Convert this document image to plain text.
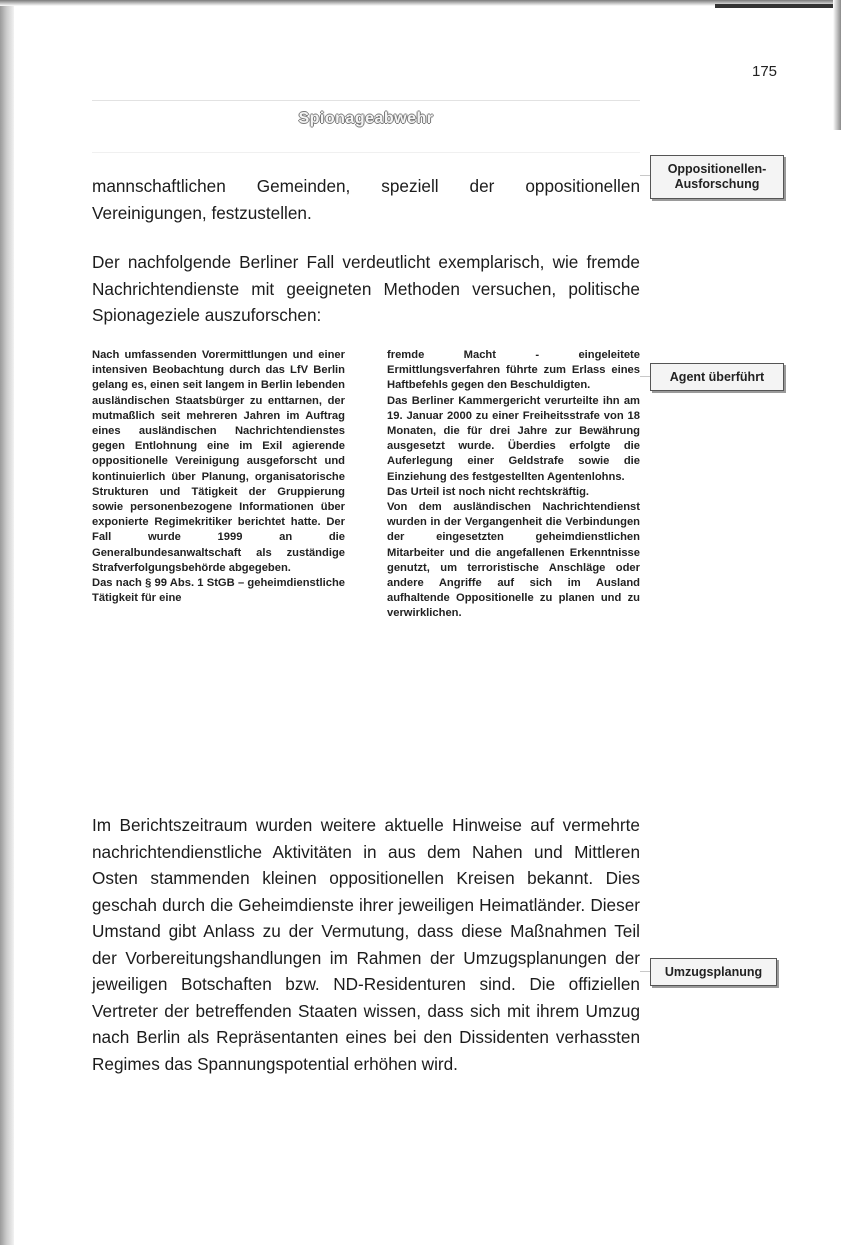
175
Spionageabwehr

mannschaftlichen Gemeinden, speziell der oppositionellen Vereinigungen, festzustellen.

Der nachfolgende Berliner Fall verdeutlicht exemplarisch, wie fremde Nachrichtendienste mit geeigneten Methoden versuchen, politische Spionageziele auszuforschen:

Nach umfassenden Vorermittlungen und einer intensiven Beobachtung durch das LfV Berlin gelang es, einen seit langem in Berlin lebenden ausländischen Staatsbürger zu enttarnen, der mutmaßlich seit mehreren Jahren im Auftrag eines ausländischen Nachrichtendienstes gegen Entlohnung eine im Exil agierende oppositionelle Vereinigung ausgeforscht und kontinuierlich über Planung, organisatorische Strukturen und Tätigkeit der Gruppierung sowie personenbezogene Informationen über exponierte Regimekritiker berichtet hatte. Der Fall wurde 1999 an die Generalbundesanwaltschaft als zuständige Strafverfolgungsbehörde abgegeben.
Das nach § 99 Abs. 1 StGB – geheimdienstliche Tätigkeit für eine
fremde Macht - eingeleitete Ermittlungsverfahren führte zum Erlass eines Haftbefehls gegen den Beschuldigten.
Das Berliner Kammergericht verurteilte ihn am 19. Januar 2000 zu einer Freiheitsstrafe von 18 Monaten, die für drei Jahre zur Bewährung ausgesetzt wurde. Überdies erfolgte die Auferlegung einer Geldstrafe sowie die Einziehung des festgestellten Agentenlohns.
Das Urteil ist noch nicht rechtskräftig.
Von dem ausländischen Nachrichtendienst wurden in der Vergangenheit die Verbindungen der eingesetzten geheimdienstlichen Mitarbeiter und die angefallenen Erkenntnisse genutzt, um terroristische Anschläge oder andere Angriffe auf sich im Ausland aufhaltende Oppositionelle zu planen und zu verwirklichen.

Im Berichtszeitraum wurden weitere aktuelle Hinweise auf vermehrte nachrichtendienstliche Aktivitäten in aus dem Nahen und Mittleren Osten stammenden kleinen oppositionellen Kreisen bekannt. Dies geschah durch die Geheimdienste ihrer jeweiligen Heimatländer. Dieser Umstand gibt Anlass zu der Vermutung, dass diese Maßnahmen Teil der Vorbereitungshandlungen im Rahmen der Umzugsplanungen der jeweiligen Botschaften bzw. ND-Residenturen sind. Die offiziellen Vertreter der betreffenden Staaten wissen, dass sich mit ihrem Umzug nach Berlin als Repräsentanten eines bei den Dissidenten verhassten Regimes das Spannungspotential erhöhen wird.

Oppositionellen-
Ausforschung
Agent überführt
Umzugsplanung
